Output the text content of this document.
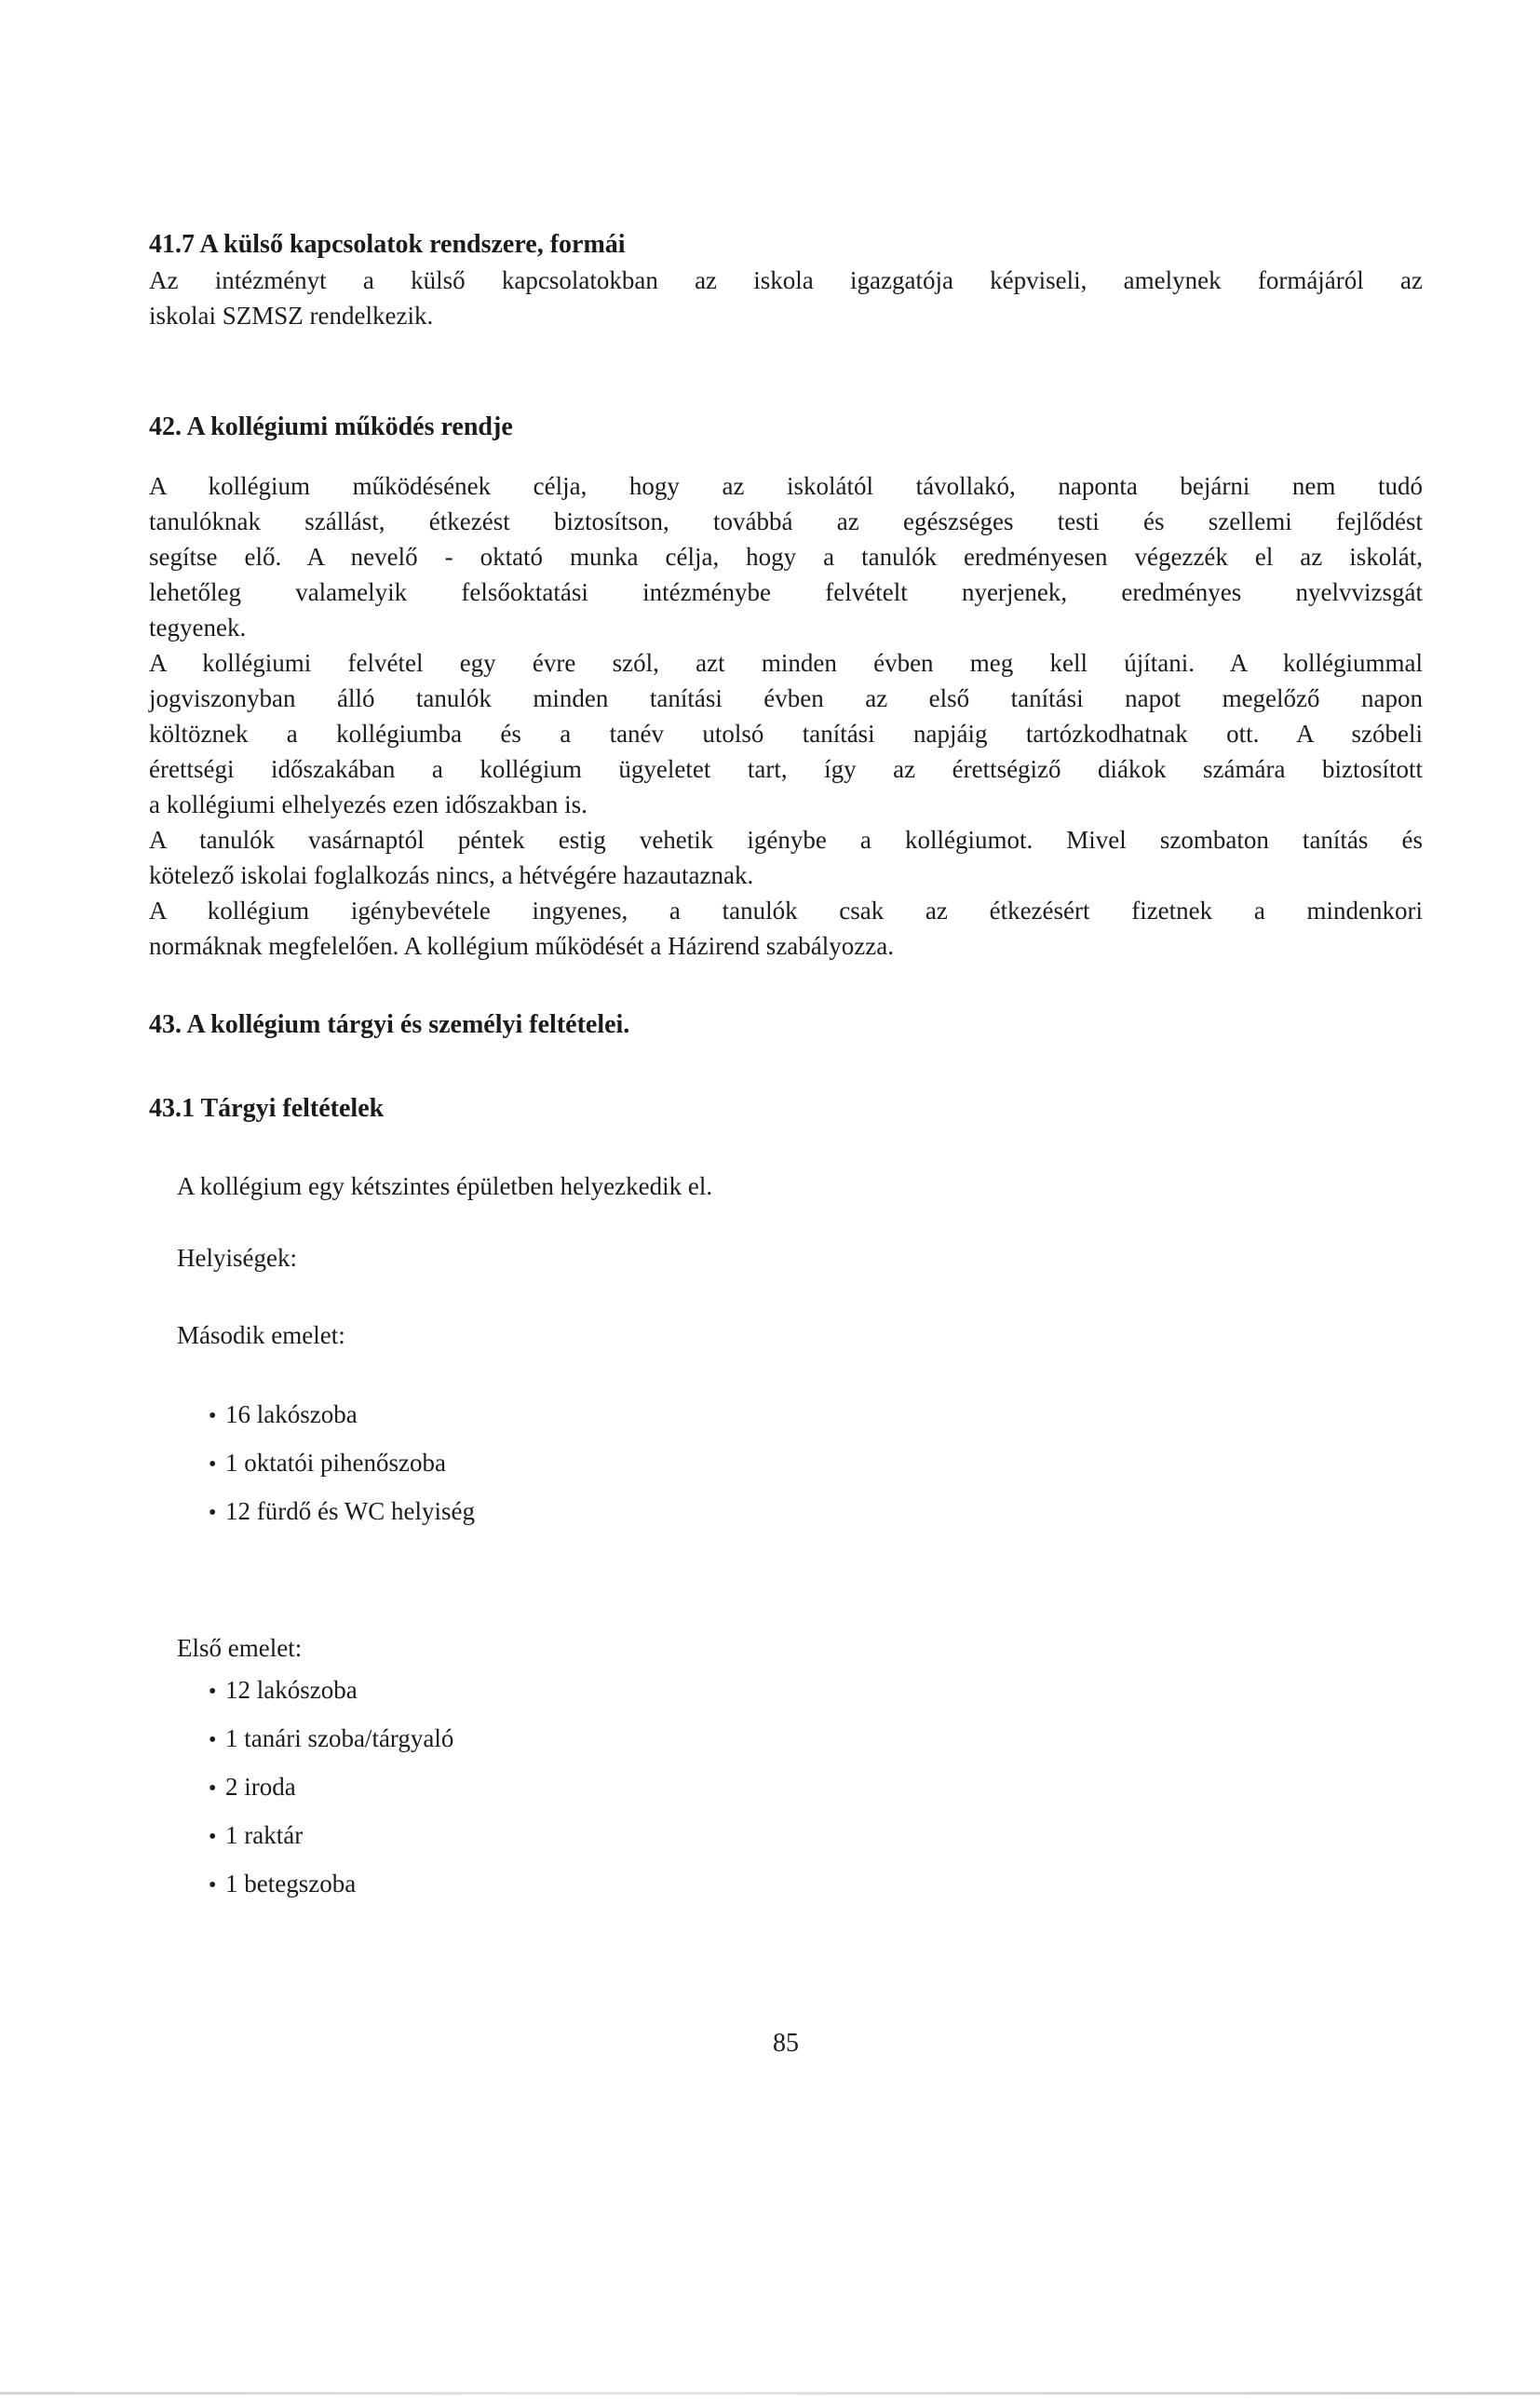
41.7 A külső kapcsolatok rendszere, formái
Az intézményt a külső kapcsolatokban az iskola igazgatója képviseli, amelynek formájáról az
iskolai SZMSZ rendelkezik.
42. A kollégiumi működés rendje
A kollégium működésének célja, hogy az iskolától távollakó, naponta bejárni nem tudó
tanulóknak szállást, étkezést biztosítson, továbbá az egészséges testi és szellemi fejlődést
segítse elő. A nevelő - oktató munka célja, hogy a tanulók eredményesen végezzék el az iskolát,
lehetőleg valamelyik felsőoktatási intézménybe felvételt nyerjenek, eredményes nyelvvizsgát
tegyenek.
A kollégiumi felvétel egy évre szól, azt minden évben meg kell újítani. A kollégiummal
jogviszonyban álló tanulók minden tanítási évben az első tanítási napot megelőző napon
költöznek a kollégiumba és a tanév utolsó tanítási napjáig tartózkodhatnak ott. A szóbeli
érettségi időszakában a kollégium ügyeletet tart, így az érettségiző diákok számára biztosított
a kollégiumi elhelyezés ezen időszakban is.
A tanulók vasárnaptól péntek estig vehetik igénybe a kollégiumot. Mivel szombaton tanítás és
kötelező iskolai foglalkozás nincs, a hétvégére hazautaznak.
A kollégium igénybevétele ingyenes, a tanulók csak az étkezésért fizetnek a mindenkori
normáknak megfelelően. A kollégium működését a Házirend szabályozza.
43. A kollégium tárgyi és személyi feltételei.
43.1 Tárgyi feltételek
A kollégium egy kétszintes épületben helyezkedik el.
Helyiségek:
Második emelet:
• 16 lakószoba
• 1 oktatói pihenőszoba
• 12 fürdő és WC helyiség
Első emelet:
• 12 lakószoba
• 1 tanári szoba/tárgyaló
• 2 iroda
• 1 raktár
• 1 betegszoba
85
